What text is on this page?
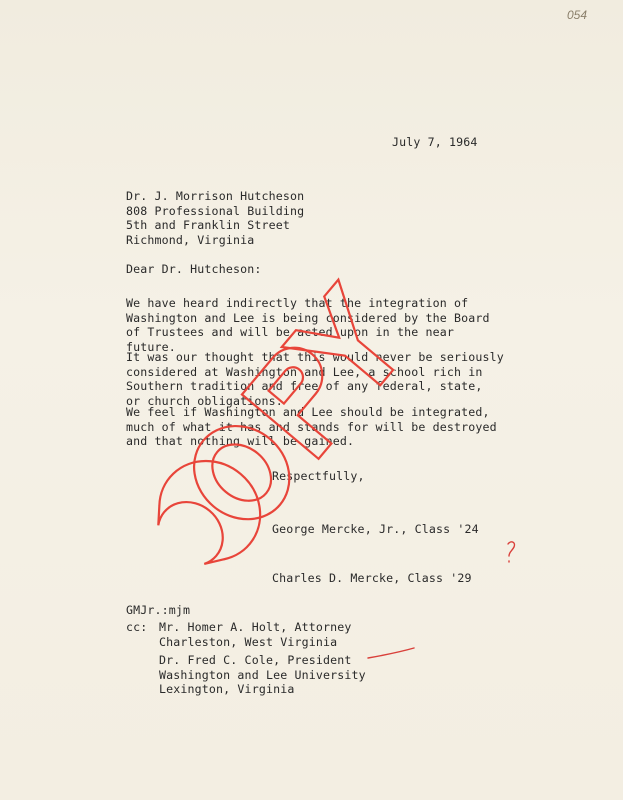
054
July 7, 1964
Dr. J. Morrison Hutcheson
808 Professional Building
5th and Franklin Street
Richmond, Virginia
Dear Dr. Hutcheson:
We have heard indirectly that the integration of
Washington and Lee is being considered by the Board
of Trustees and will be acted upon in the near
future.
It was our thought that this would never be seriously
considered at Washington and Lee, a school rich in
Southern tradition and free of any federal, state,
or church obligations.
We feel if Washington and Lee should be integrated,
much of what it has and stands for will be destroyed
and that nothing will be gained.
Respectfully,
George Mercke, Jr., Class '24
Charles D. Mercke, Class '29
GMJr.:mjm
cc: Mr. Homer A. Holt, Attorney
Charleston, West Virginia
Dr. Fred C. Cole, President
Washington and Lee University
Lexington, Virginia
